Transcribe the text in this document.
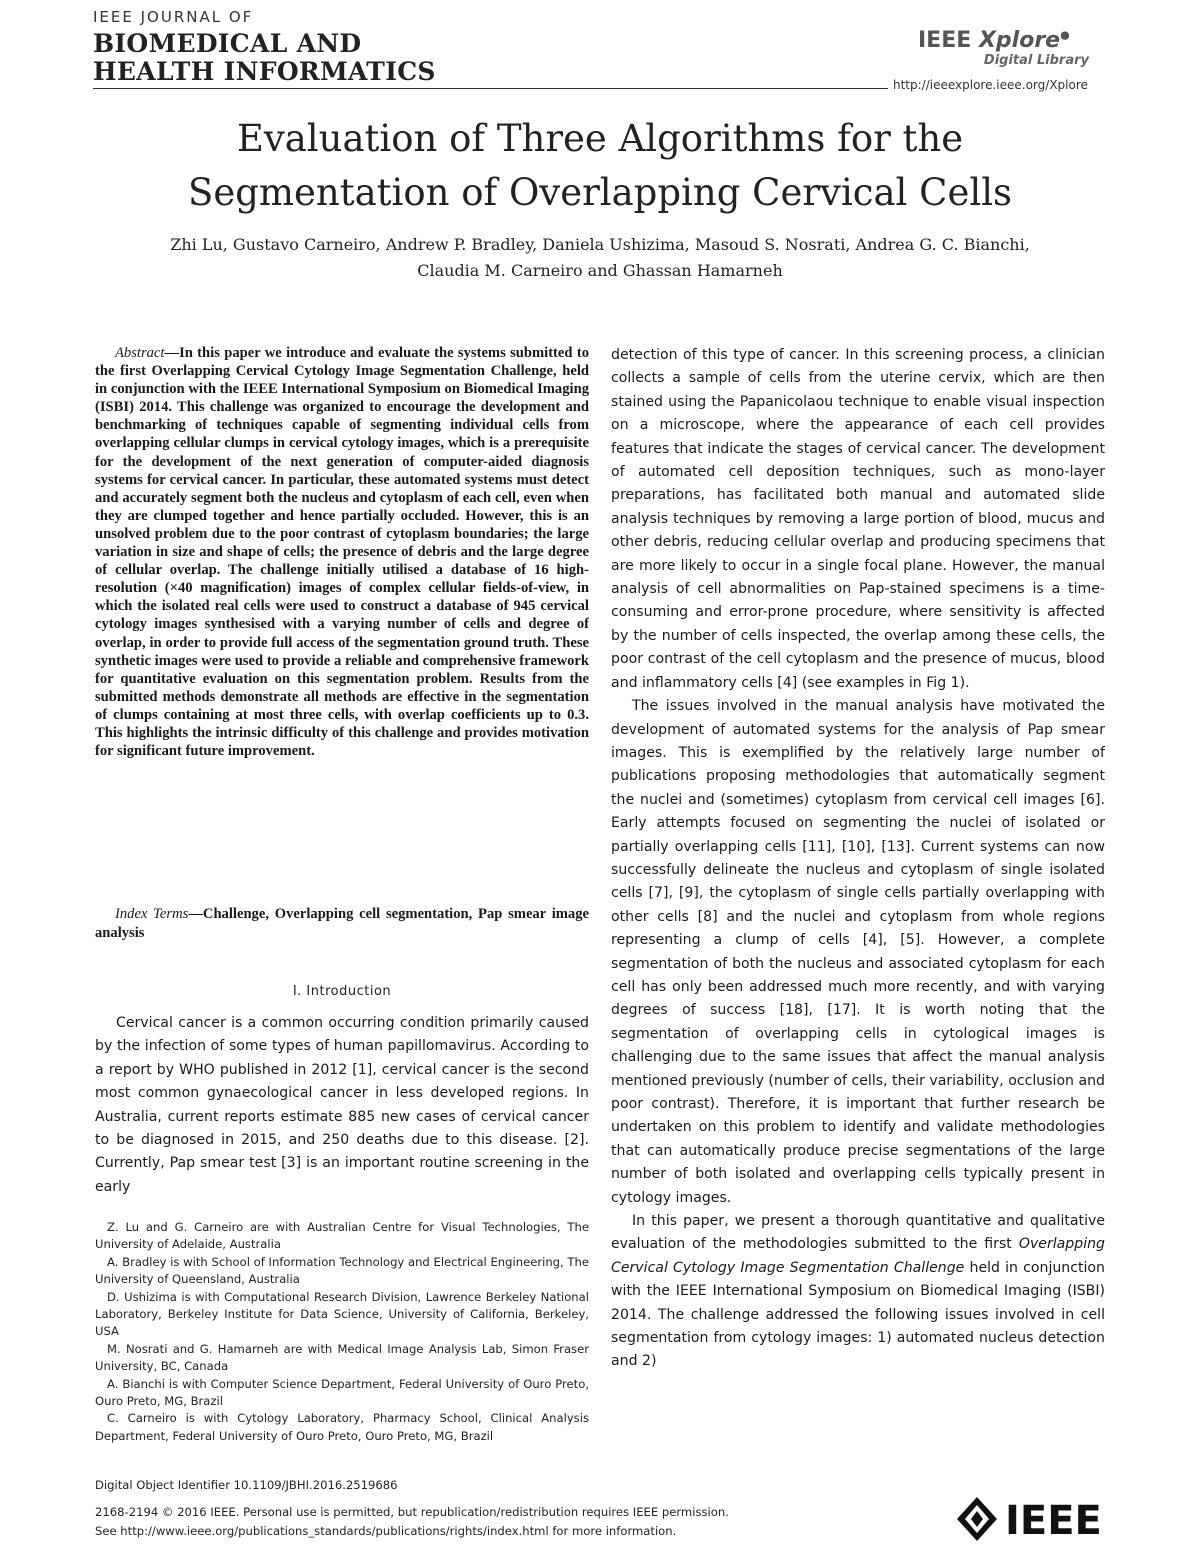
IEEE JOURNAL OF
BIOMEDICAL AND
HEALTH INFORMATICS
IEEE Xplore●
Digital Library
http://ieeexplore.ieee.org/Xplore
Evaluation of Three Algorithms for the
Segmentation of Overlapping Cervical Cells
Zhi Lu, Gustavo Carneiro, Andrew P. Bradley, Daniela Ushizima, Masoud S. Nosrati, Andrea G. C. Bianchi,
Claudia M. Carneiro and Ghassan Hamarneh
Abstract—In this paper we introduce and evaluate the systems submitted to the first Overlapping Cervical Cytology Image Segmentation Challenge, held in conjunction with the IEEE International Symposium on Biomedical Imaging (ISBI) 2014. This challenge was organized to encourage the development and benchmarking of techniques capable of segmenting individual cells from overlapping cellular clumps in cervical cytology images, which is a prerequisite for the development of the next generation of computer-aided diagnosis systems for cervical cancer. In particular, these automated systems must detect and accurately segment both the nucleus and cytoplasm of each cell, even when they are clumped together and hence partially occluded. However, this is an unsolved problem due to the poor contrast of cytoplasm boundaries; the large variation in size and shape of cells; the presence of debris and the large degree of cellular overlap. The challenge initially utilised a database of 16 high-resolution (×40 magnification) images of complex cellular fields-of-view, in which the isolated real cells were used to construct a database of 945 cervical cytology images synthesised with a varying number of cells and degree of overlap, in order to provide full access of the segmentation ground truth. These synthetic images were used to provide a reliable and comprehensive framework for quantitative evaluation on this segmentation problem. Results from the submitted methods demonstrate all methods are effective in the segmentation of clumps containing at most three cells, with overlap coefficients up to 0.3. This highlights the intrinsic difficulty of this challenge and provides motivation for significant future improvement.
Index Terms—Challenge, Overlapping cell segmentation, Pap smear image analysis
I. Introduction

Cervical cancer is a common occurring condition primarily caused by the infection of some types of human papillomavirus. According to a report by WHO published in 2012 [1], cervical cancer is the second most common gynaecological cancer in less developed regions. In Australia, current reports estimate 885 new cases of cervical cancer to be diagnosed in 2015, and 250 deaths due to this disease. [2]. Currently, Pap smear test [3] is an important routine screening in the early

Z. Lu and G. Carneiro are with Australian Centre for Visual Technologies, The University of Adelaide, Australia

A. Bradley is with School of Information Technology and Electrical Engineering, The University of Queensland, Australia

D. Ushizima is with Computational Research Division, Lawrence Berkeley National Laboratory, Berkeley Institute for Data Science, University of California, Berkeley, USA

M. Nosrati and G. Hamarneh are with Medical Image Analysis Lab, Simon Fraser University, BC, Canada

A. Bianchi is with Computer Science Department, Federal University of Ouro Preto, Ouro Preto, MG, Brazil

C. Carneiro is with Cytology Laboratory, Pharmacy School, Clinical Analysis Department, Federal University of Ouro Preto, Ouro Preto, MG, Brazil

detection of this type of cancer. In this screening process, a clinician collects a sample of cells from the uterine cervix, which are then stained using the Papanicolaou technique to enable visual inspection on a microscope, where the appearance of each cell provides features that indicate the stages of cervical cancer. The development of automated cell deposition techniques, such as mono-layer preparations, has facilitated both manual and automated slide analysis techniques by removing a large portion of blood, mucus and other debris, reducing cellular overlap and producing specimens that are more likely to occur in a single focal plane. However, the manual analysis of cell abnormalities on Pap-stained specimens is a time-consuming and error-prone procedure, where sensitivity is affected by the number of cells inspected, the overlap among these cells, the poor contrast of the cell cytoplasm and the presence of mucus, blood and inflammatory cells [4] (see examples in Fig 1).

The issues involved in the manual analysis have motivated the development of automated systems for the analysis of Pap smear images. This is exemplified by the relatively large number of publications proposing methodologies that automatically segment the nuclei and (sometimes) cytoplasm from cervical cell images [6]. Early attempts focused on segmenting the nuclei of isolated or partially overlapping cells [11], [10], [13]. Current systems can now successfully delineate the nucleus and cytoplasm of single isolated cells [7], [9], the cytoplasm of single cells partially overlapping with other cells [8] and the nuclei and cytoplasm from whole regions representing a clump of cells [4], [5]. However, a complete segmentation of both the nucleus and associated cytoplasm for each cell has only been addressed much more recently, and with varying degrees of success [18], [17]. It is worth noting that the segmentation of overlapping cells in cytological images is challenging due to the same issues that affect the manual analysis mentioned previously (number of cells, their variability, occlusion and poor contrast). Therefore, it is important that further research be undertaken on this problem to identify and validate methodologies that can automatically produce precise segmentations of the large number of both isolated and overlapping cells typically present in cytology images.

In this paper, we present a thorough quantitative and qualitative evaluation of the methodologies submitted to the first Overlapping Cervical Cytology Image Segmentation Challenge held in conjunction with the IEEE International Symposium on Biomedical Imaging (ISBI) 2014. The challenge addressed the following issues involved in cell segmentation from cytology images: 1) automated nucleus detection and 2)

Digital Object Identifier 10.1109/JBHI.2016.2519686
2168-2194 © 2016 IEEE. Personal use is permitted, but republication/redistribution requires IEEE permission.
See http://www.ieee.org/publications_standards/publications/rights/index.html for more information.	IEEE
